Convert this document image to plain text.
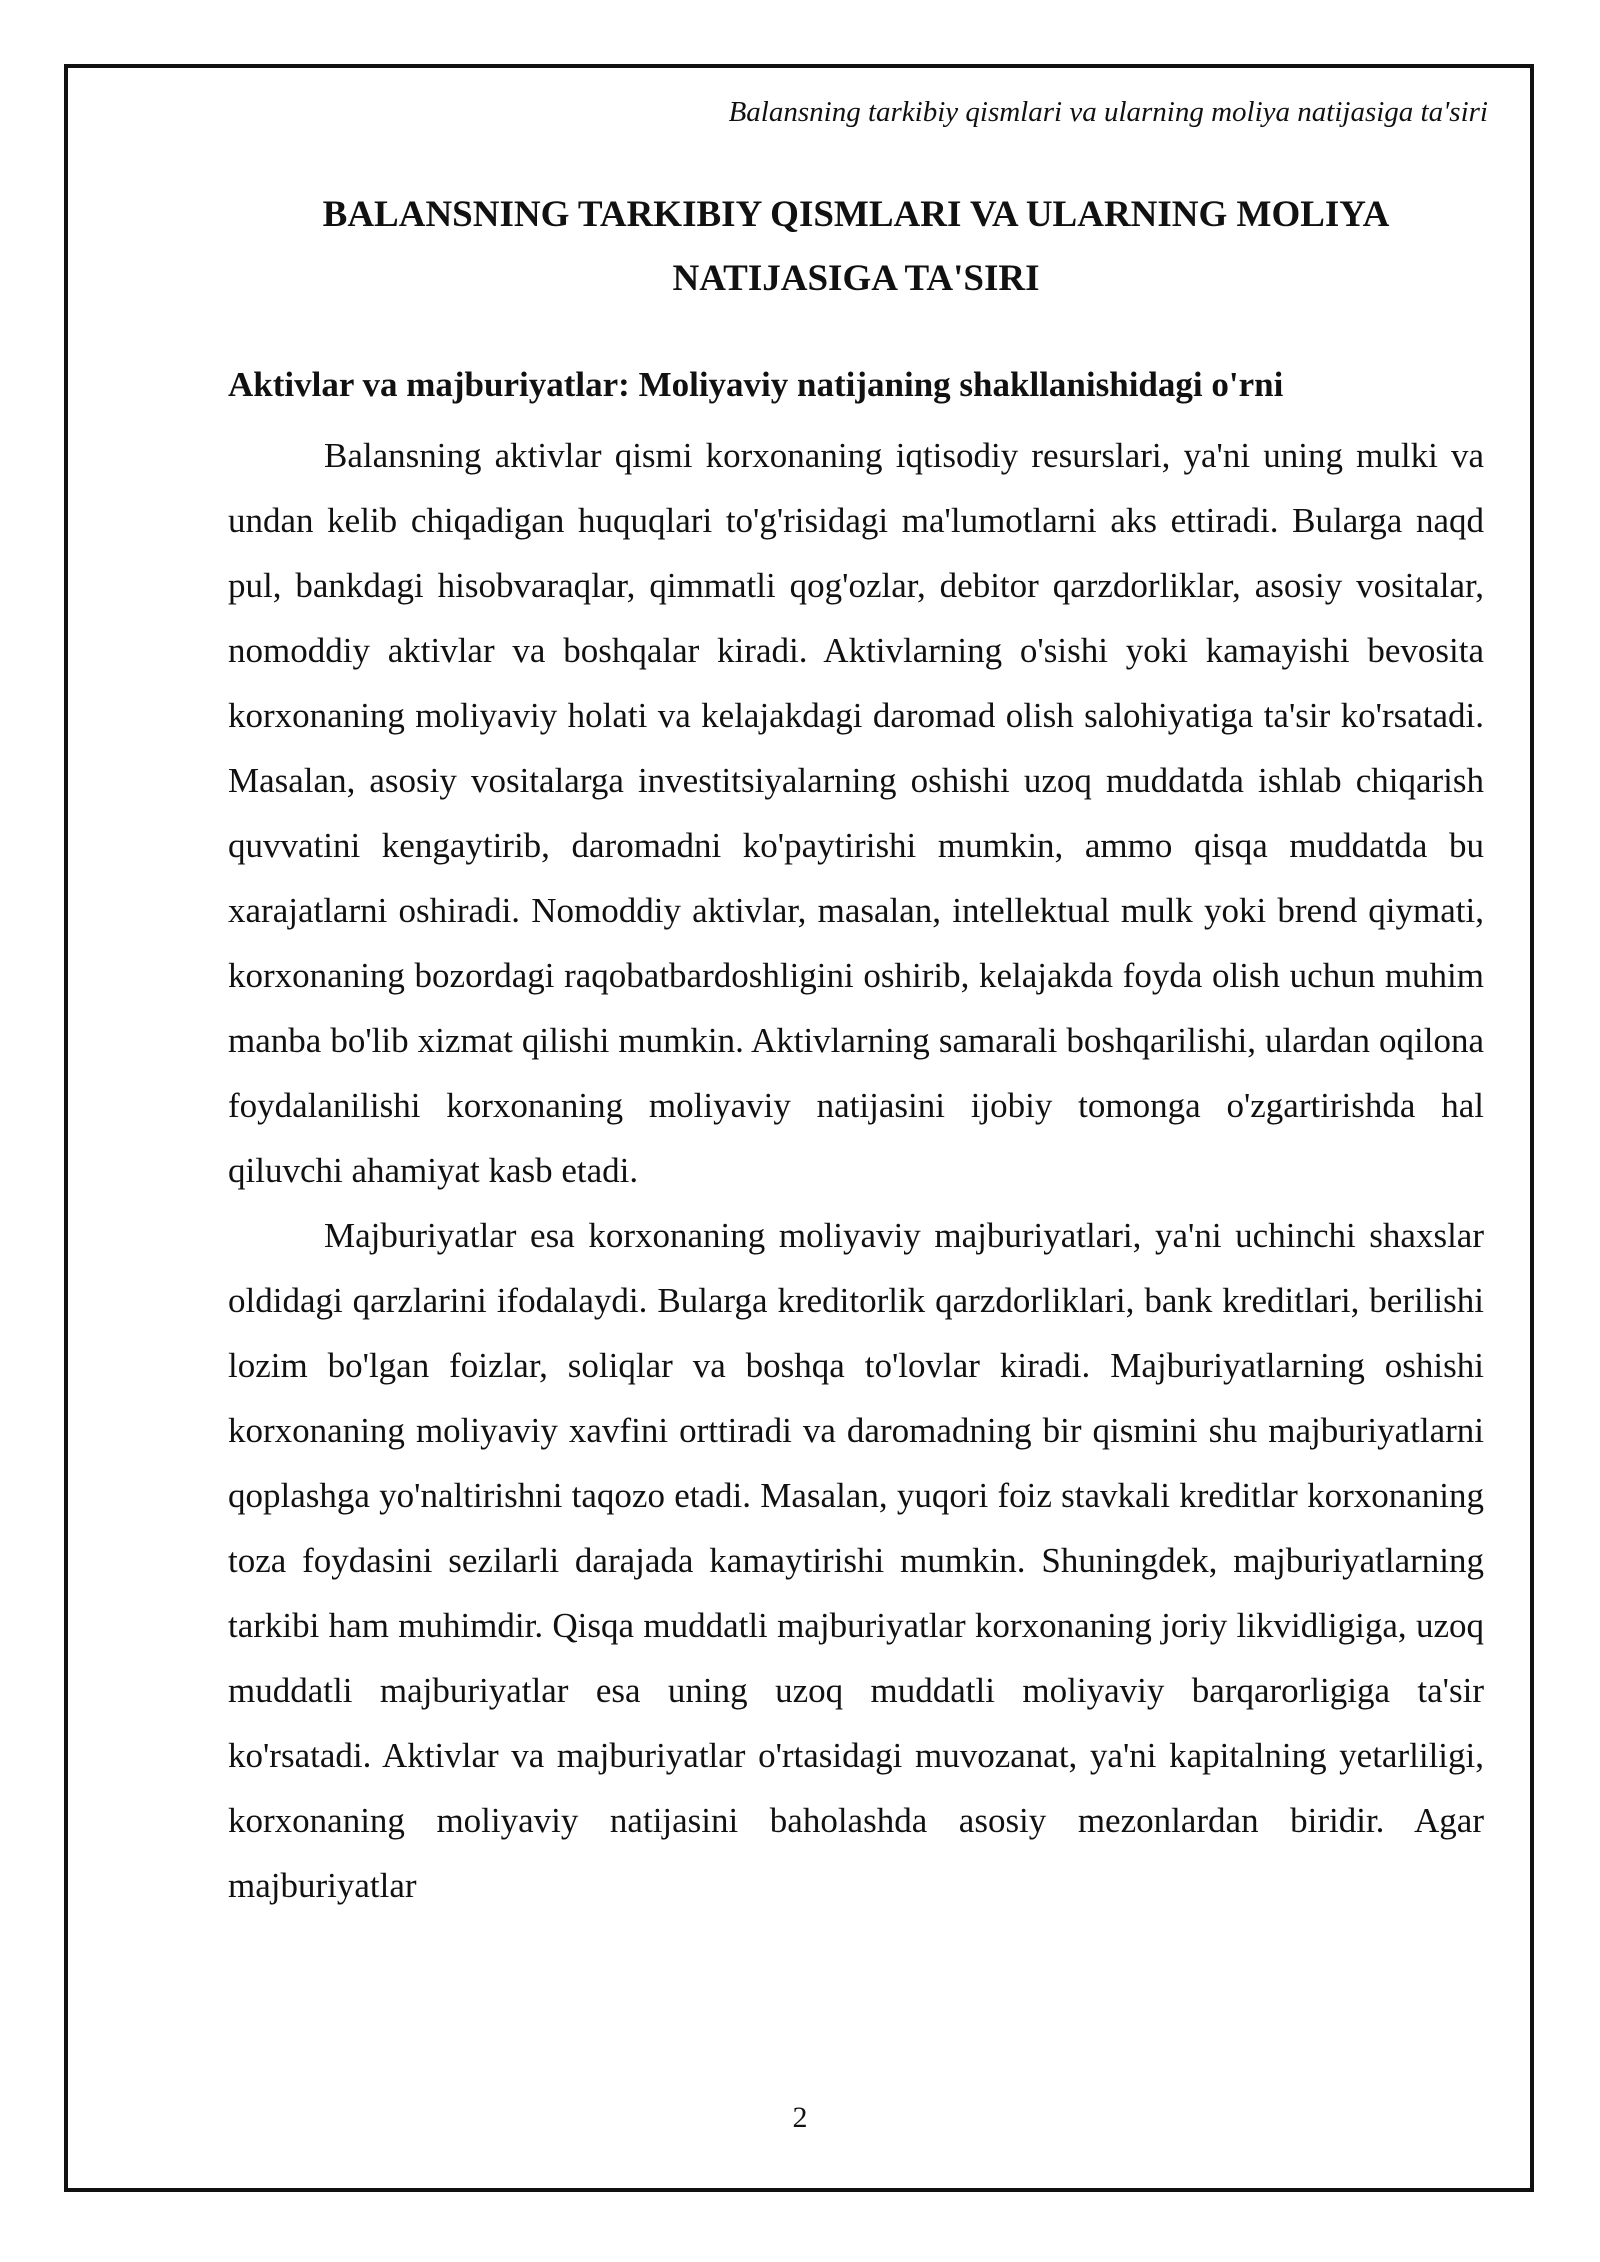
Balansning tarkibiy qismlari va ularning moliya natijasiga ta'siri
BALANSNING TARKIBIY QISMLARI VA ULARNING MOLIYA NATIJASIGA TA'SIRI
Aktivlar va majburiyatlar: Moliyaviy natijaning shakllanishidagi o'rni

Balansning aktivlar qismi korxonaning iqtisodiy resurslari, ya'ni uning mulki va undan kelib chiqadigan huquqlari to'g'risidagi ma'lumotlarni aks ettiradi. Bularga naqd pul, bankdagi hisobvaraqlar, qimmatli qog'ozlar, debitor qarzdorliklar, asosiy vositalar, nomoddiy aktivlar va boshqalar kiradi. Aktivlarning o'sishi yoki kamayishi bevosita korxonaning moliyaviy holati va kelajakdagi daromad olish salohiyatiga ta'sir ko'rsatadi. Masalan, asosiy vositalarga investitsiyalarning oshishi uzoq muddatda ishlab chiqarish quvvatini kengaytirib, daromadni ko'paytirishi mumkin, ammo qisqa muddatda bu xarajatlarni oshiradi. Nomoddiy aktivlar, masalan, intellektual mulk yoki brend qiymati, korxonaning bozordagi raqobatbardoshligini oshirib, kelajakda foyda olish uchun muhim manba bo'lib xizmat qilishi mumkin. Aktivlarning samarali boshqarilishi, ulardan oqilona foydalanilishi korxonaning moliyaviy natijasini ijobiy tomonga o'zgartirishda hal qiluvchi ahamiyat kasb etadi.

Majburiyatlar esa korxonaning moliyaviy majburiyatlari, ya'ni uchinchi shaxslar oldidagi qarzlarini ifodalaydi. Bularga kreditorlik qarzdorliklari, bank kreditlari, berilishi lozim bo'lgan foizlar, soliqlar va boshqa to'lovlar kiradi. Majburiyatlarning oshishi korxonaning moliyaviy xavfini orttiradi va daromadning bir qismini shu majburiyatlarni qoplashga yo'naltirishni taqozo etadi. Masalan, yuqori foiz stavkali kreditlar korxonaning toza foydasini sezilarli darajada kamaytirishi mumkin. Shuningdek, majburiyatlarning tarkibi ham muhimdir. Qisqa muddatli majburiyatlar korxonaning joriy likvidligiga, uzoq muddatli majburiyatlar esa uning uzoq muddatli moliyaviy barqarorligiga ta'sir ko'rsatadi. Aktivlar va majburiyatlar o'rtasidagi muvozanat, ya'ni kapitalning yetarliligi, korxonaning moliyaviy natijasini baholashda asosiy mezonlardan biridir. Agar majburiyatlar

2
